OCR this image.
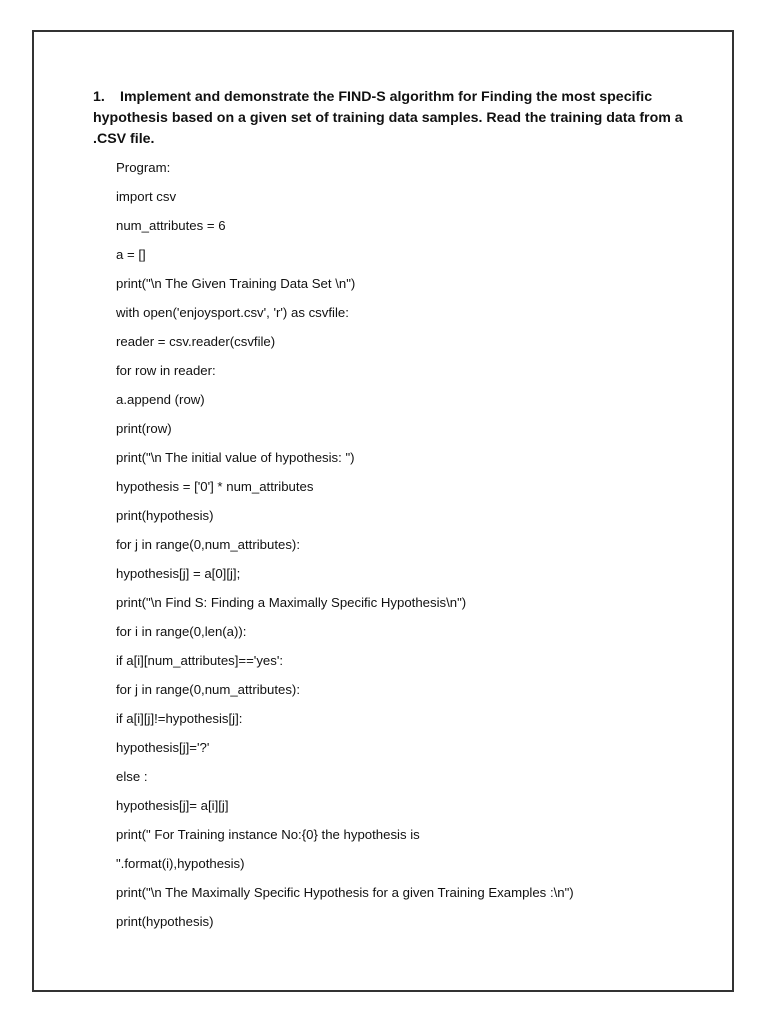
1. Implement and demonstrate the FIND-S algorithm for Finding the most specific hypothesis based on a given set of training data samples. Read the training data from a .CSV file.

Program:
import csv
num_attributes = 6
a = []
print("\n The Given Training Data Set \n")
with open('enjoysport.csv', 'r') as csvfile:
reader = csv.reader(csvfile)
for row in reader:
a.append (row)
print(row)
print("\n The initial value of hypothesis: ")
hypothesis = ['0'] * num_attributes
print(hypothesis)
for j in range(0,num_attributes):
hypothesis[j] = a[0][j];
print("\n Find S: Finding a Maximally Specific Hypothesis\n")
for i in range(0,len(a)):
if a[i][num_attributes]=='yes':
for j in range(0,num_attributes):
if a[i][j]!=hypothesis[j]:
hypothesis[j]='?'
else :
hypothesis[j]= a[i][j]
print(" For Training instance No:{0} the hypothesis is
".format(i),hypothesis)
print("\n The Maximally Specific Hypothesis for a given Training Examples :\n")
print(hypothesis)
